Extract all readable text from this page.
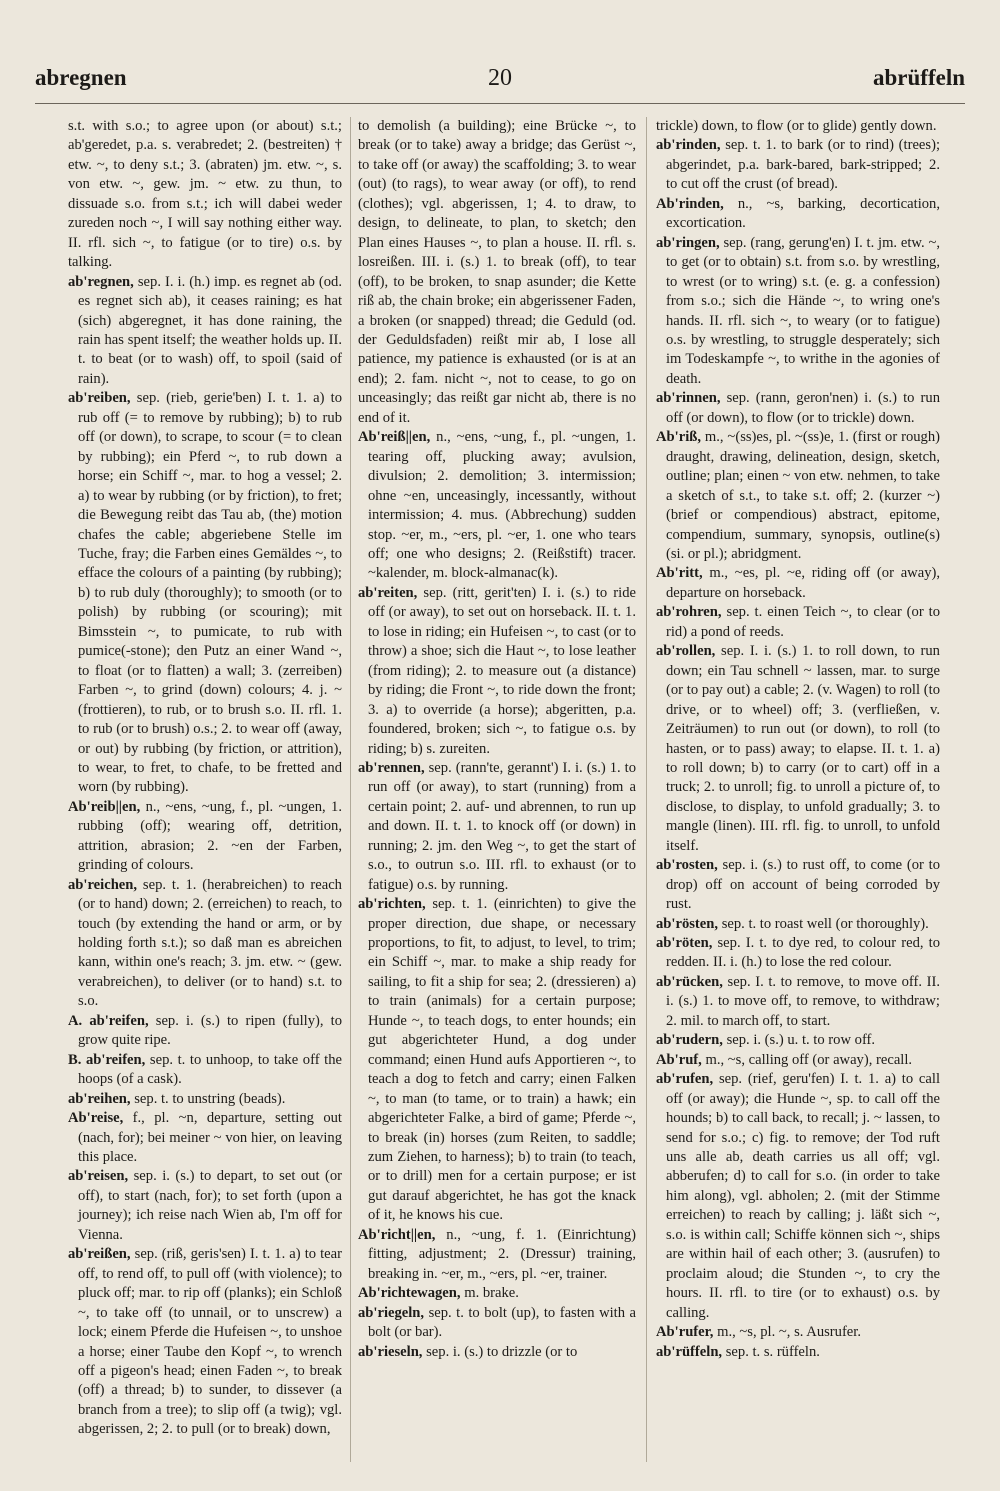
abregnen	20	abrüffeln
s.t. with s.o.; to agree upon (or about) s.t.; ab'geredet, p.a. s. verabredet; 2. (bestreiten) † etw. ~, to deny s.t.; 3. (abraten) jm. etw. ~, s. von etw. ~, gew. jm. ~ etw. zu thun, to dissuade s.o. from s.t.; ich will dabei weder zureden noch ~, I will say nothing either way. II. rfl. sich ~, to fatigue (or to tire) o.s. by talking.
ab'regnen, sep. I. i. (h.) imp. es regnet ab (od. es regnet sich ab), it ceases raining; es hat (sich) abgeregnet, it has done raining, the rain has spent itself; the weather holds up. II. t. to beat (or to wash) off, to spoil (said of rain).
ab'reiben, sep. (rieb, gerie'ben) I. t. 1. a) to rub off (= to remove by rubbing); b) to rub off (or down), to scrape, to scour (= to clean by rubbing); ein Pferd ~, to rub down a horse; ein Schiff ~, mar. to hog a vessel; 2. a) to wear by rubbing (or by friction), to fret; die Bewegung reibt das Tau ab, (the) motion chafes the cable; abgeriebene Stelle im Tuche, fray; die Farben eines Gemäldes ~, to efface the colours of a painting (by rubbing); b) to rub duly (thoroughly); to smooth (or to polish) by rubbing (or scouring); mit Bimsstein ~, to pumicate, to rub with pumice(-stone); den Putz an einer Wand ~, to float (or to flatten) a wall; 3. (zerreiben) Farben ~, to grind (down) colours; 4. j. ~ (frottieren), to rub, or to brush s.o. II. rfl. 1. to rub (or to brush) o.s.; 2. to wear off (away, or out) by rubbing (by friction, or attrition), to wear, to fret, to chafe, to be fretted and worn (by rubbing).
Ab'reib||en, n., ~ens, ~ung, f., pl. ~ungen, 1. rubbing (off); wearing off, detrition, attrition, abrasion; 2. ~en der Farben, grinding of colours.
ab'reichen, sep. t. 1. (herabreichen) to reach (or to hand) down; 2. (erreichen) to reach, to touch (by extending the hand or arm, or by holding forth s.t.); so daß man es abreichen kann, within one's reach; 3. jm. etw. ~ (gew. verabreichen), to deliver (or to hand) s.t. to s.o.
A. ab'reifen, sep. i. (s.) to ripen (fully), to grow quite ripe.
B. ab'reifen, sep. t. to unhoop, to take off the hoops (of a cask).
ab'reihen, sep. t. to unstring (beads).
Ab'reise, f., pl. ~n, departure, setting out (nach, for); bei meiner ~ von hier, on leaving this place.
ab'reisen, sep. i. (s.) to depart, to set out (or off), to start (nach, for); to set forth (upon a journey); ich reise nach Wien ab, I'm off for Vienna.
ab'reißen, sep. (riß, geris'sen) I. t. 1. a) to tear off, to rend off, to pull off (with violence); to pluck off; mar. to rip off (planks); ein Schloß ~, to take off (to unnail, or to unscrew) a lock; einem Pferde die Hufeisen ~, to unshoe a horse; einer Taube den Kopf ~, to wrench off a pigeon's head; einen Faden ~, to break (off) a thread; b) to sunder, to dissever (a branch from a tree); to slip off (a twig); vgl. abgerissen, 2; 2. to pull (or to break) down,
to demolish (a building); eine Brücke ~, to break (or to take) away a bridge; das Gerüst ~, to take off (or away) the scaffolding; 3. to wear (out) (to rags), to wear away (or off), to rend (clothes); vgl. abgerissen, 1; 4. to draw, to design, to delineate, to plan, to sketch; den Plan eines Hauses ~, to plan a house. II. rfl. s. losreißen. III. i. (s.) 1. to break (off), to tear (off), to be broken, to snap asunder; die Kette riß ab, the chain broke; ein abgerissener Faden, a broken (or snapped) thread; die Geduld (od. der Geduldsfaden) reißt mir ab, I lose all patience, my patience is exhausted (or is at an end); 2. fam. nicht ~, not to cease, to go on unceasingly; das reißt gar nicht ab, there is no end of it.
Ab'reiß||en, n., ~ens, ~ung, f., pl. ~ungen, 1. tearing off, plucking away; avulsion, divulsion; 2. demolition; 3. intermission; ohne ~en, unceasingly, incessantly, without intermission; 4. mus. (Abbrechung) sudden stop. ~er, m., ~ers, pl. ~er, 1. one who tears off; one who designs; 2. (Reißstift) tracer. ~kalender, m. block-almanac(k).
ab'reiten, sep. (ritt, gerit'ten) I. i. (s.) to ride off (or away), to set out on horseback. II. t. 1. to lose in riding; ein Hufeisen ~, to cast (or to throw) a shoe; sich die Haut ~, to lose leather (from riding); 2. to measure out (a distance) by riding; die Front ~, to ride down the front; 3. a) to override (a horse); abgeritten, p.a. foundered, broken; sich ~, to fatigue o.s. by riding; b) s. zureiten.
ab'rennen, sep. (rann'te, gerannt') I. i. (s.) 1. to run off (or away), to start (running) from a certain point; 2. auf- und abrennen, to run up and down. II. t. 1. to knock off (or down) in running; 2. jm. den Weg ~, to get the start of s.o., to outrun s.o. III. rfl. to exhaust (or to fatigue) o.s. by running.
ab'richten, sep. t. 1. (einrichten) to give the proper direction, due shape, or necessary proportions, to fit, to adjust, to level, to trim; ein Schiff ~, mar. to make a ship ready for sailing, to fit a ship for sea; 2. (dressieren) a) to train (animals) for a certain purpose; Hunde ~, to teach dogs, to enter hounds; ein gut abgerichteter Hund, a dog under command; einen Hund aufs Apportieren ~, to teach a dog to fetch and carry; einen Falken ~, to man (to tame, or to train) a hawk; ein abgerichteter Falke, a bird of game; Pferde ~, to break (in) horses (zum Reiten, to saddle; zum Ziehen, to harness); b) to train (to teach, or to drill) men for a certain purpose; er ist gut darauf abgerichtet, he has got the knack of it, he knows his cue.
Ab'richt||en, n., ~ung, f. 1. (Einrichtung) fitting, adjustment; 2. (Dressur) training, breaking in. ~er, m., ~ers, pl. ~er, trainer.
Ab'richtewagen, m. brake.
ab'riegeln, sep. t. to bolt (up), to fasten with a bolt (or bar).
ab'rieseln, sep. i. (s.) to drizzle (or to
trickle) down, to flow (or to glide) gently down.
ab'rinden, sep. t. 1. to bark (or to rind) (trees); abgerindet, p.a. bark-bared, bark-stripped; 2. to cut off the crust (of bread).
Ab'rinden, n., ~s, barking, decortication, excortication.
ab'ringen, sep. (rang, gerung'en) I. t. jm. etw. ~, to get (or to obtain) s.t. from s.o. by wrestling, to wrest (or to wring) s.t. (e. g. a confession) from s.o.; sich die Hände ~, to wring one's hands. II. rfl. sich ~, to weary (or to fatigue) o.s. by wrestling, to struggle desperately; sich im Todeskampfe ~, to writhe in the agonies of death.
ab'rinnen, sep. (rann, geron'nen) i. (s.) to run off (or down), to flow (or to trickle) down.
Ab'riß, m., ~(ss)es, pl. ~(ss)e, 1. (first or rough) draught, drawing, delineation, design, sketch, outline; plan; einen ~ von etw. nehmen, to take a sketch of s.t., to take s.t. off; 2. (kurzer ~) (brief or compendious) abstract, epitome, compendium, summary, synopsis, outline(s) (si. or pl.); abridgment.
Ab'ritt, m., ~es, pl. ~e, riding off (or away), departure on horseback.
ab'rohren, sep. t. einen Teich ~, to clear (or to rid) a pond of reeds.
ab'rollen, sep. I. i. (s.) 1. to roll down, to run down; ein Tau schnell ~ lassen, mar. to surge (or to pay out) a cable; 2. (v. Wagen) to roll (to drive, or to wheel) off; 3. (verfließen, v. Zeiträumen) to run out (or down), to roll (to hasten, or to pass) away; to elapse. II. t. 1. a) to roll down; b) to carry (or to cart) off in a truck; 2. to unroll; fig. to unroll a picture of, to disclose, to display, to unfold gradually; 3. to mangle (linen). III. rfl. fig. to unroll, to unfold itself.
ab'rosten, sep. i. (s.) to rust off, to come (or to drop) off on account of being corroded by rust.
ab'rösten, sep. t. to roast well (or thoroughly).
ab'röten, sep. I. t. to dye red, to colour red, to redden. II. i. (h.) to lose the red colour.
ab'rücken, sep. I. t. to remove, to move off. II. i. (s.) 1. to move off, to remove, to withdraw; 2. mil. to march off, to start.
ab'rudern, sep. i. (s.) u. t. to row off.
Ab'ruf, m., ~s, calling off (or away), recall.
ab'rufen, sep. (rief, geru'fen) I. t. 1. a) to call off (or away); die Hunde ~, sp. to call off the hounds; b) to call back, to recall; j. ~ lassen, to send for s.o.; c) fig. to remove; der Tod ruft uns alle ab, death carries us all off; vgl. abberufen; d) to call for s.o. (in order to take him along), vgl. abholen; 2. (mit der Stimme erreichen) to reach by calling; j. läßt sich ~, s.o. is within call; Schiffe können sich ~, ships are within hail of each other; 3. (ausrufen) to proclaim aloud; die Stunden ~, to cry the hours. II. rfl. to tire (or to exhaust) o.s. by calling.
Ab'rufer, m., ~s, pl. ~, s. Ausrufer.
ab'rüffeln, sep. t. s. rüffeln.
